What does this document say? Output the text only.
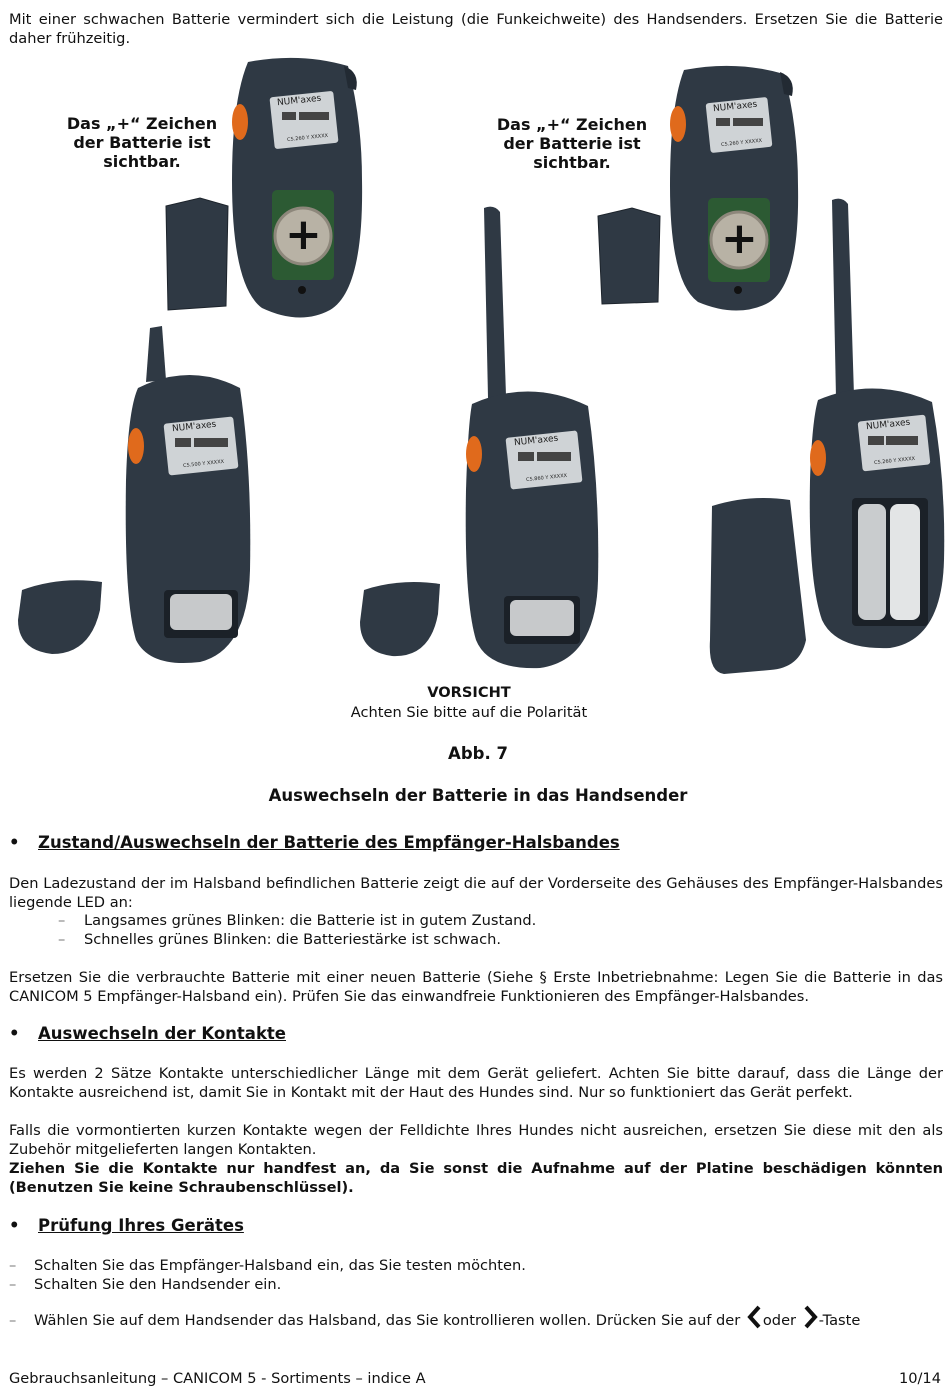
Mit einer schwachen Batterie vermindert sich die Leistung (die Funkeichweite) des Handsenders. Ersetzen Sie die Batterie daher frühzeitig.

Das „+“ Zeichen der Batterie ist sichtbar.
Das „+“ Zeichen der Batterie ist sichtbar.
+
NUM'axes
C5.260 Y XXXXX
+
NUM'axes
C5.260 Y XXXXX
NUM'axes
C5.500 Y XXXXX
NUM'axes
C5.860 Y XXXXX
NUM'axes
C5.260 Y XXXXX
VORSICHT
Achten Sie bitte auf die Polarität
Abb. 7
Auswechseln der Batterie in das Handsender
• Zustand/Auswechseln der Batterie des Empfänger-Halsbandes

Den Ladezustand der im Halsband befindlichen Batterie zeigt die auf der Vorderseite des Gehäuses des Empfänger-Halsbandes liegende LED an:

– Langsames grünes Blinken: die Batterie ist in gutem Zustand.
– Schnelles grünes Blinken: die Batteriestärke ist schwach.

Ersetzen Sie die verbrauchte Batterie mit einer neuen Batterie (Siehe § Erste Inbetriebnahme: Legen Sie die Batterie in das CANICOM 5 Empfänger-Halsband ein). Prüfen Sie das einwandfreie Funktionieren des Empfänger-Halsbandes.

• Auswechseln der Kontakte

Es werden 2 Sätze Kontakte unterschiedlicher Länge mit dem Gerät geliefert. Achten Sie bitte darauf, dass die Länge der Kontakte ausreichend ist, damit Sie in Kontakt mit der Haut des Hundes sind. Nur so funktioniert das Gerät perfekt.

Falls die vormontierten kurzen Kontakte wegen der Felldichte Ihres Hundes nicht ausreichen, ersetzen Sie diese mit den als Zubehör mitgelieferten langen Kontakten.

Ziehen Sie die Kontakte nur handfest an, da Sie sonst die Aufnahme auf der Platine beschädigen könnten (Benutzen Sie keine Schraubenschlüssel).

• Prüfung Ihres Gerätes
– Schalten Sie das Empfänger-Halsband ein, das Sie testen möchten.
– Schalten Sie den Handsender ein.
– Wählen Sie auf dem Handsender das Halsband, das Sie kontrollieren wollen. Drücken Sie auf der oder -Taste
Gebrauchsanleitung – CANICOM 5 - Sortiments – indice A	10/14
